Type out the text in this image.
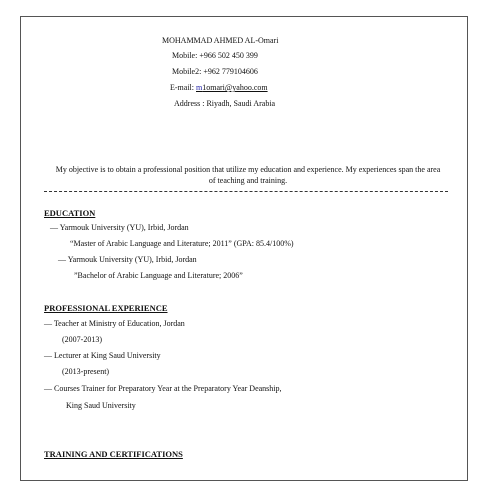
MOHAMMAD AHMED AL-Omari
Mobile: +966 502 450 399
Mobile2: +962 779104606
E-mail: m1omari@yahoo.com
Address : Riyadh, Saudi Arabia
My objective is to obtain a professional position that utilize my education and experience. My experiences span the area of teaching and training.
EDUCATION
— Yarmouk University (YU), Irbid, Jordan
“Master of Arabic Language and Literature; 2011” (GPA: 85.4/100%)
— Yarmouk University (YU), Irbid, Jordan
”Bachelor of Arabic Language and Literature; 2006”
PROFESSIONAL EXPERIENCE
— Teacher at Ministry of Education, Jordan
(2007-2013)
— Lecturer at King Saud University
(2013-present)
— Courses Trainer for Preparatory Year at the Preparatory Year Deanship,
King Saud University
TRAINING AND CERTIFICATIONS
